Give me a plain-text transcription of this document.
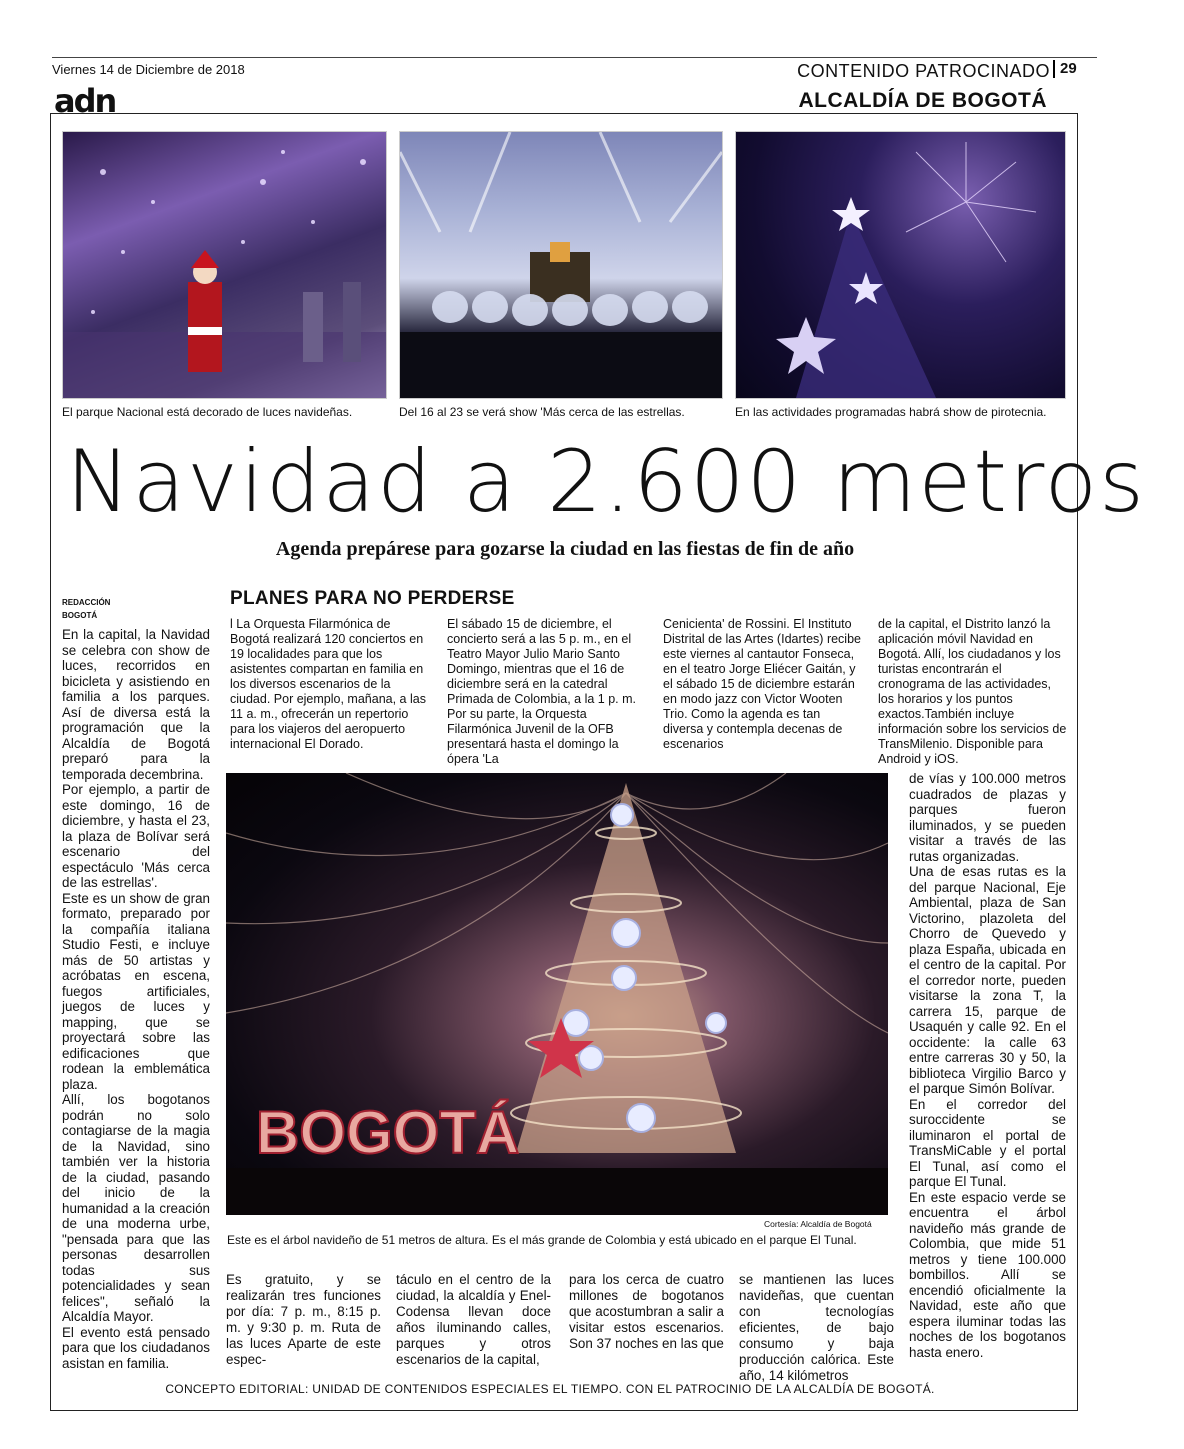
Viernes 14 de Diciembre de 2018	CONTENIDO PATROCINADO 29
adn	ALCALDÍA DE BOGOTÁ
El parque Nacional está decorado de luces navideñas.	Del 16 al 23 se verá show 'Más cerca de las estrellas.	En las actividades programadas habrá show de pirotecnia.
Navidad a 2.600 metros
Agenda prepárese para gozarse la ciudad en las fiestas de fin de año
REDACCIÓN
BOGOTÁ

En la capital, la Navidad se celebra con show de luces, recorridos en bicicleta y asistiendo en familia a los parques. Así de diversa está la programación que la Alcaldía de Bogotá preparó para la temporada decembrina.

Por ejemplo, a partir de este domingo, 16 de diciembre, y hasta el 23, la plaza de Bolívar será escenario del espectáculo 'Más cerca de las estrellas'.

Este es un show de gran formato, preparado por la compañía italiana Studio Festi, e incluye más de 50 artistas y acróbatas en escena, fuegos artificiales, juegos de luces y mapping, que se proyectará sobre las edificaciones que rodean la emblemática plaza.

Allí, los bogotanos podrán no solo contagiarse de la magia de la Navidad, sino también ver la historia de la ciudad, pasando del inicio de la humanidad a la creación de una moderna urbe, "pensada para que las personas desarrollen todas sus potencialidades y sean felices", señaló la Alcaldía Mayor.

El evento está pensado para que los ciudadanos asistan en familia.

PLANES PARA NO PERDERSE
l La Orquesta Filarmónica de Bogotá realizará 120 conciertos en 19 localidades para que los asistentes compartan en familia en los diversos escenarios de la ciudad. Por ejemplo, mañana, a las 11 a. m., ofrecerán un repertorio para los viajeros del aeropuerto internacional El Dorado.
El sábado 15 de diciembre, el concierto será a las 5 p. m., en el Teatro Mayor Julio Mario Santo Domingo, mientras que el 16 de diciembre será en la catedral Primada de Colombia, a la 1 p. m. Por su parte, la Orquesta Filarmónica Juvenil de la OFB presentará hasta el domingo la ópera 'La
Cenicienta' de Rossini. El Instituto Distrital de las Artes (Idartes) recibe este viernes al cantautor Fonseca, en el teatro Jorge Eliécer Gaitán, y el sábado 15 de diciembre estarán en modo jazz con Victor Wooten Trio. Como la agenda es tan diversa y contempla decenas de escenarios
de la capital, el Distrito lanzó la aplicación móvil Navidad en Bogotá. Allí, los ciudadanos y los turistas encontrarán el cronograma de las actividades, los horarios y los puntos exactos.También incluye información sobre los servicios de TransMilenio. Disponible para Android y iOS.
BOGOTÁ
Cortesía: Alcaldía de Bogotá
Este es el árbol navideño de 51 metros de altura. Es el más grande de Colombia y está ubicado en el parque El Tunal.

de vías y 100.000 metros cuadrados de plazas y parques fueron iluminados, y se pueden visitar a través de las rutas organizadas.

Una de esas rutas es la del parque Nacional, Eje Ambiental, plaza de San Victorino, plazoleta del Chorro de Quevedo y plaza España, ubicada en el centro de la capital. Por el corredor norte, pueden visitarse la zona T, la carrera 15, parque de Usaquén y calle 92. En el occidente: la calle 63 entre carreras 30 y 50, la biblioteca Virgilio Barco y el parque Simón Bolívar.

En el corredor del suroccidente se iluminaron el portal de TransMiCable y el portal El Tunal, así como el parque El Tunal.

En este espacio verde se encuentra el árbol navideño más grande de Colombia, que mide 51 metros y tiene 100.000 bombillos. Allí se encendió oficialmente la Navidad, este año que espera iluminar todas las noches de los bogotanos hasta enero.

Es gratuito, y se realizarán tres funciones por día: 7 p. m., 8:15 p. m. y 9:30 p. m. Ruta de las luces Aparte de este espec-
táculo en el centro de la ciudad, la alcaldía y Enel-Codensa llevan doce años iluminando calles, parques y otros escenarios de la capital,
para los cerca de cuatro millones de bogotanos que acostumbran a salir a visitar estos escenarios. Son 37 noches en las que
se mantienen las luces navideñas, que cuentan con tecnologías eficientes, de bajo consumo y baja producción calórica. Este año, 14 kilómetros
CONCEPTO EDITORIAL: UNIDAD DE CONTENIDOS ESPECIALES EL TIEMPO. CON EL PATROCINIO DE LA ALCALDÍA DE BOGOTÁ.
